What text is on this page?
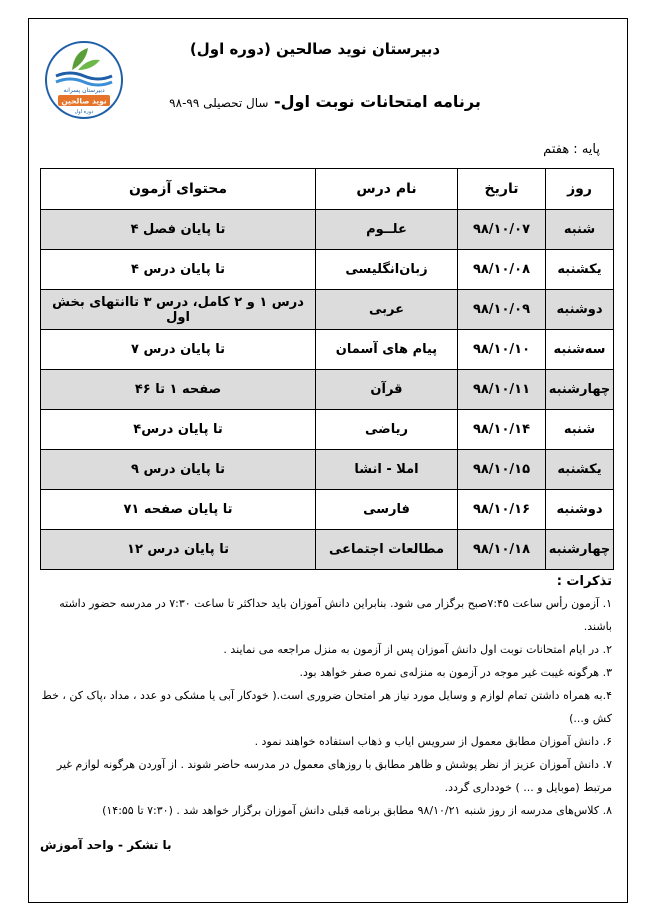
دبیرستان پسرانه
نوید صالحین
دوره اول
دبیرستان نوید صالحین (دوره اول)
برنامه امتحانات نوبت اول- سال تحصیلی ۹۹-۹۸
پایه : هفتم
روز	تاریخ	نام درس	محتوای آزمون
شنبه	۹۸/۱۰/۰۷	علــوم	تا پایان فصل ۴
یکشنبه	۹۸/۱۰/۰۸	زبان‌انگلیسی	تا پایان درس ۴
دوشنبه	۹۸/۱۰/۰۹	عربی	درس ۱ و ۲ کامل، درس ۳ تاانتهای بخش اول
سه‌شنبه	۹۸/۱۰/۱۰	پیام های آسمان	تا پایان درس ۷
چهارشنبه	۹۸/۱۰/۱۱	قرآن	صفحه ۱ تا ۴۶
شنبه	۹۸/۱۰/۱۴	ریاضی	تا پایان درس۴
یکشنبه	۹۸/۱۰/۱۵	املا - انشا	تا پایان درس ۹
دوشنبه	۹۸/۱۰/۱۶	فارسی	تا پایان صفحه ۷۱
چهارشنبه	۹۸/۱۰/۱۸	مطالعات اجتماعی	تا پایان درس ۱۲
تذکرات :

۱. آزمون رأس ساعت ۷:۴۵صبح برگزار می شود. بنابراین دانش آموزان باید حداکثر تا ساعت ۷:۳۰ در مدرسه حضور داشته باشند.

۲. در ایام امتحانات نوبت اول دانش آموزان پس از آزمون به منزل مراجعه می نمایند .

۳. هرگونه غیبت غیر موجه در آزمون به منزله‌ی نمره صفر خواهد بود.

۴.به همراه داشتن تمام لوازم و وسایل مورد نیاز هر امتحان ضروری است.( خودکار آبی یا مشکی دو عدد ، مداد ،پاک کن ، خط کش و...)

۶. دانش آموزان مطابق معمول از سرویس ایاب و ذهاب استفاده خواهند نمود .

۷. دانش آموزان عزیز از نظر پوشش و ظاهر مطابق با روزهای معمول در مدرسه حاضر شوند . از آوردن هرگونه لوازم غیر مرتبط (موبایل و ... ) خودداری گردد.

۸. کلاس‌های مدرسه از روز شنبه ۹۸/۱۰/۲۱ مطابق برنامه قبلی دانش آموزان برگزار خواهد شد . (۷:۳۰ تا ۱۴:۵۵)

با تشکر - واحد آموزش
